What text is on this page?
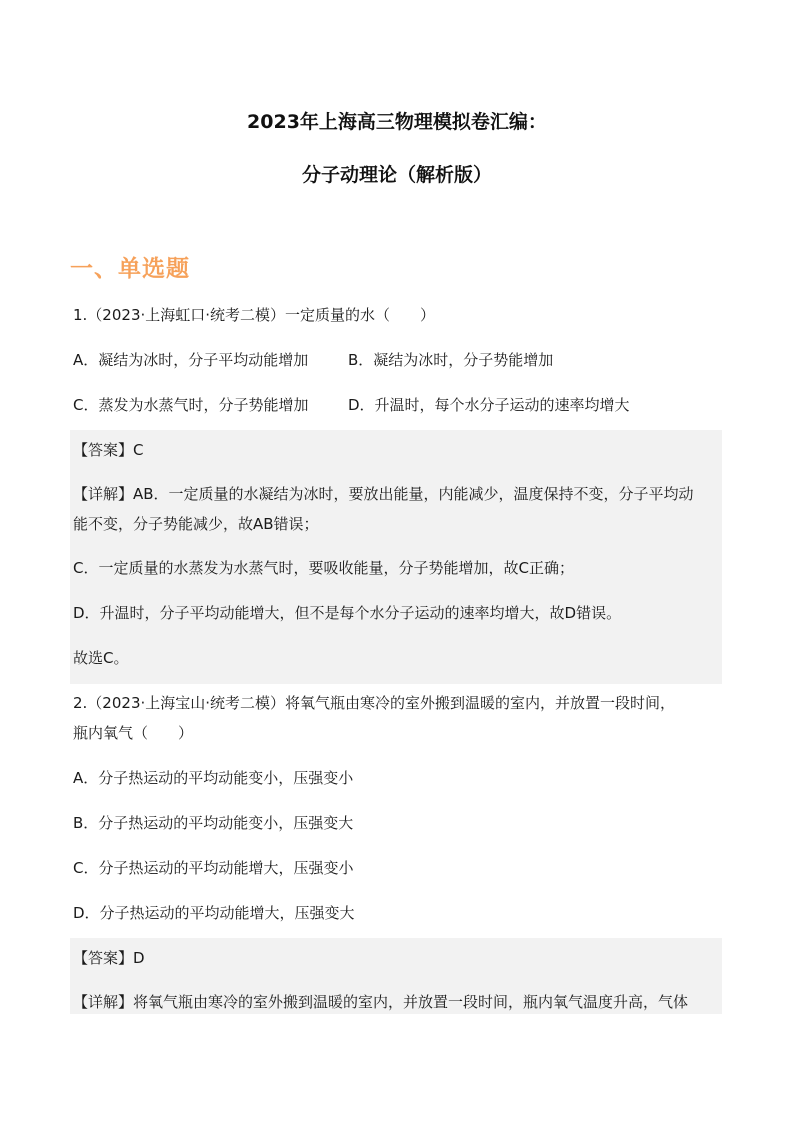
2023年上海高三物理模拟卷汇编：
分子动理论（解析版）
一、单选题
1.（2023·上海虹口·统考二模）一定质量的水（　　）
A．凝结为冰时，分子平均动能增加	B．凝结为冰时，分子势能增加
C．蒸发为水蒸气时，分子势能增加	D．升温时，每个水分子运动的速率均增大
【答案】C
【详解】AB．一定质量的水凝结为冰时，要放出能量，内能减少，温度保持不变，分子平均动
能不变，分子势能减少，故AB错误；
C．一定质量的水蒸发为水蒸气时，要吸收能量，分子势能增加，故C正确；
D．升温时，分子平均动能增大，但不是每个水分子运动的速率均增大，故D错误。
故选C。
2.（2023·上海宝山·统考二模）将氧气瓶由寒冷的室外搬到温暖的室内，并放置一段时间，
瓶内氧气（　　）
A．分子热运动的平均动能变小，压强变小
B．分子热运动的平均动能变小，压强变大
C．分子热运动的平均动能增大，压强变小
D．分子热运动的平均动能增大，压强变大
【答案】D
【详解】将氧气瓶由寒冷的室外搬到温暖的室内，并放置一段时间，瓶内氧气温度升高，气体
